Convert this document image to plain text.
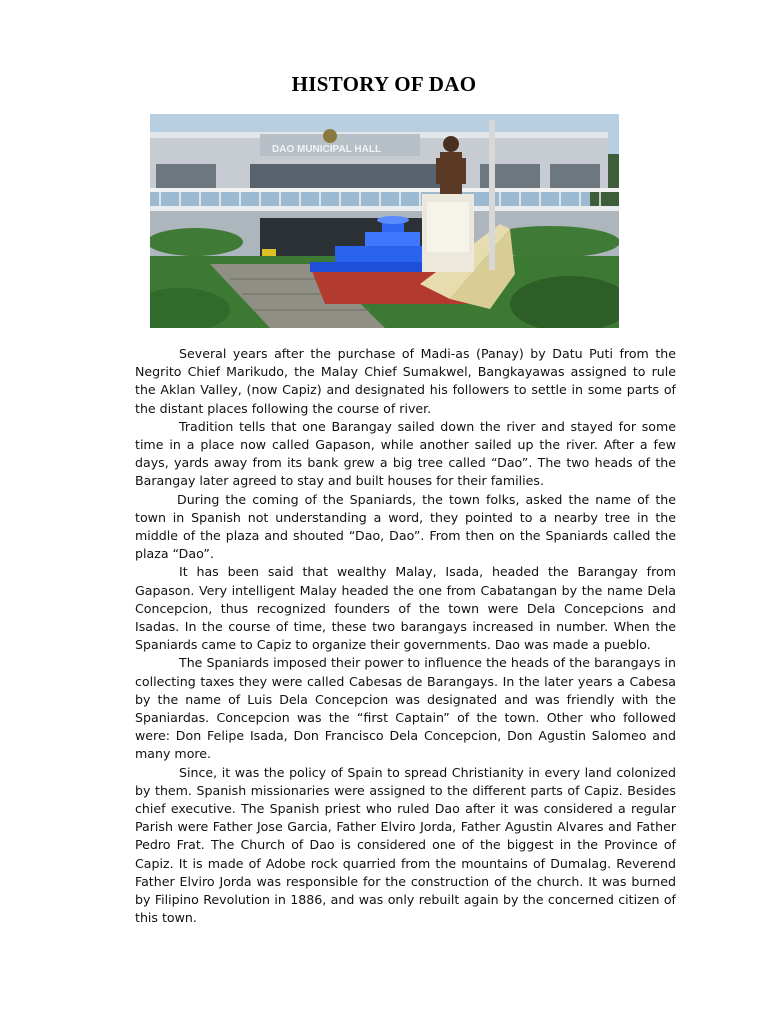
HISTORY OF DAO
DAO MUNICIPAL HALL

Several years after the purchase of Madi-as (Panay) by Datu Puti from the Negrito Chief Marikudo, the Malay Chief Sumakwel, Bangkayawas assigned to rule the Aklan Valley, (now Capiz) and designated his followers to settle in some parts of the distant places following the course of river.

Tradition tells that one Barangay sailed down the river and stayed for some time in a place now called Gapason, while another sailed up the river. After a few days, yards away from its bank grew a big tree called “Dao”. The two heads of the Barangay later agreed to stay and built houses for their families.

During the coming of the Spaniards, the town folks, asked the name of the town in Spanish not understanding a word, they pointed to a nearby tree in the middle of the plaza and shouted “Dao, Dao”. From then on the Spaniards called the plaza “Dao”.

It has been said that wealthy Malay, Isada, headed the Barangay from Gapason. Very intelligent Malay headed the one from Cabatangan by the name Dela Concepcion, thus recognized founders of the town were Dela Concepcions and Isadas. In the course of time, these two barangays increased in number. When the Spaniards came to Capiz to organize their governments. Dao was made a pueblo.

The Spaniards imposed their power to influence the heads of the barangays in collecting taxes they were called Cabesas de Barangays. In the later years a Cabesa by the name of Luis Dela Concepcion was designated and was friendly with the Spaniardas. Concepcion was the “first Captain” of the town. Other who followed were: Don Felipe Isada, Don Francisco Dela Concepcion, Don Agustin Salomeo and many more.

Since, it was the policy of Spain to spread Christianity in every land colonized by them. Spanish missionaries were assigned to the different parts of Capiz. Besides chief executive. The Spanish priest who ruled Dao after it was considered a regular Parish were Father Jose Garcia, Father Elviro Jorda, Father Agustin Alvares and Father Pedro Frat. The Church of Dao is considered one of the biggest in the Province of Capiz. It is made of Adobe rock quarried from the mountains of Dumalag. Reverend Father Elviro Jorda was responsible for the construction of the church. It was burned by Filipino Revolution in 1886, and was only rebuilt again by the concerned citizen of this town.
